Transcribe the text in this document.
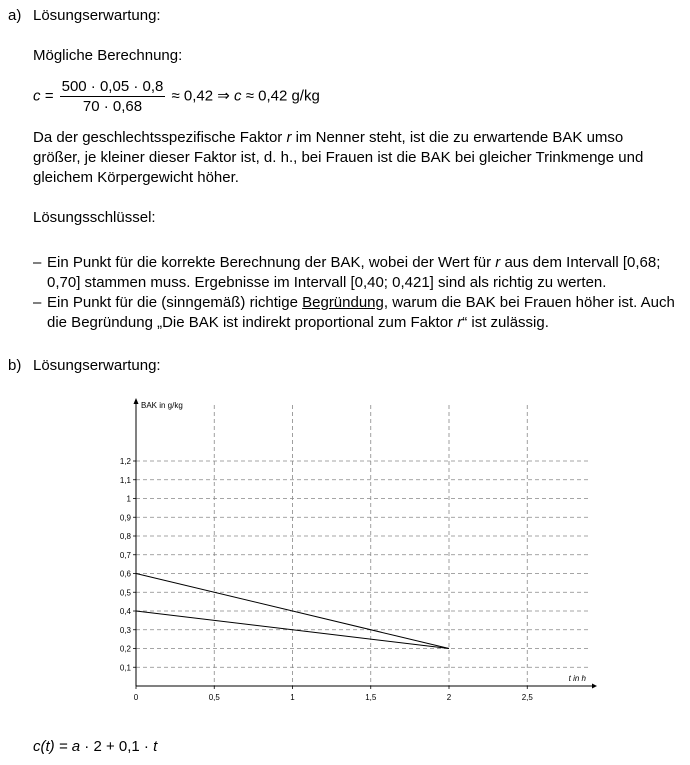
a) Lösungserwartung:
Mögliche Berechnung:
$c = \frac{500 \cdot 0,05 \cdot 0,8}{70 \cdot 0,68} \approx 0,42$ ⇒ c ≈ 0,42 g/kg

Da der geschlechtsspezifische Faktor r im Nenner steht, ist die zu erwartende BAK umso größer, je kleiner dieser Faktor ist, d. h., bei Frauen ist die BAK bei gleicher Trinkmenge und gleichem Körpergewicht höher.

Lösungsschlüssel:
– Ein Punkt für die korrekte Berechnung der BAK, wobei der Wert für r aus dem Intervall [0,68; 0,70] stammen muss. Ergebnisse im Intervall [0,40; 0,421] sind als richtig zu werten.
– Ein Punkt für die (sinngemäß) richtige Begründung, warum die BAK bei Frauen höher ist. Auch die Begründung „Die BAK ist indirekt proportional zum Faktor r“ ist zulässig.
b) Lösungserwartung:
0,1
0,2
0,3
0,4
0,5
0,6
0,7
0,8
0,9
1
1,1
1,2
0	0,5	1	1,5	2	2,5
BAK in g/kg
t in h
c(t) = a · 2 + 0,1 · t
